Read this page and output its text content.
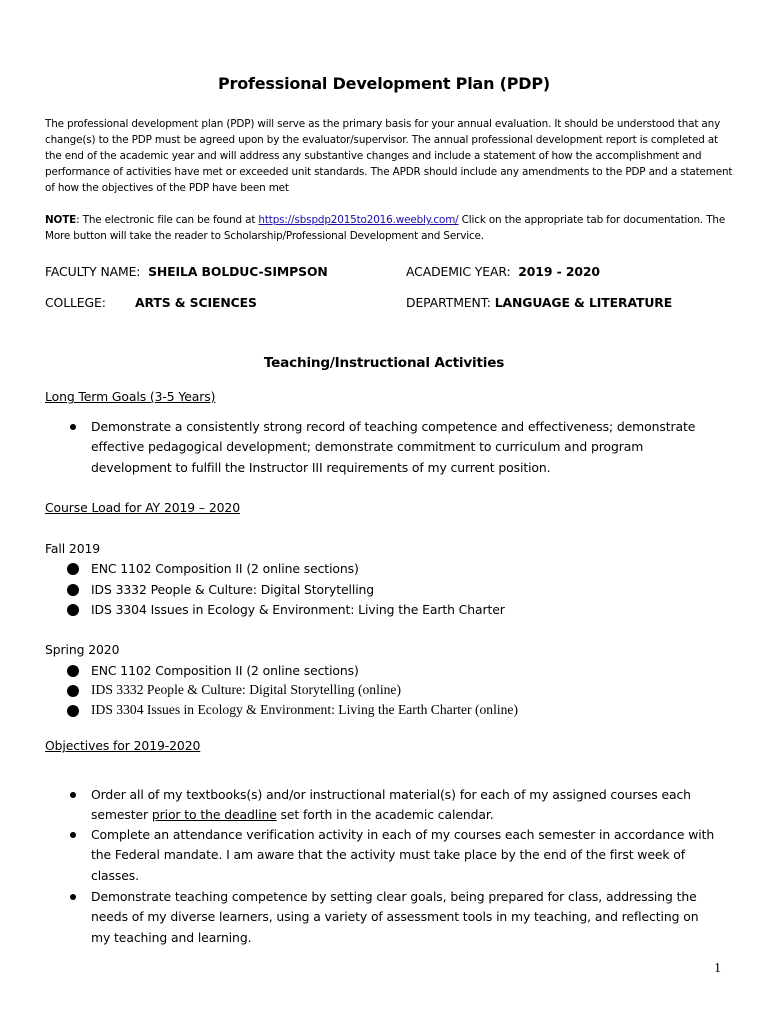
Professional Development Plan (PDP)
The professional development plan (PDP) will serve as the primary basis for your annual evaluation. It should be understood that any change(s) to the PDP must be agreed upon by the evaluator/supervisor. The annual professional development report is completed at the end of the academic year and will address any substantive changes and include a statement of how the accomplishment and performance of activities have met or exceeded unit standards. The APDR should include any amendments to the PDP and a statement of how the objectives of the PDP have been met
NOTE: The electronic file can be found at https://sbspdp2015to2016.weebly.com/ Click on the appropriate tab for documentation. The More button will take the reader to Scholarship/Professional Development and Service.
FACULTY NAME: SHEILA BOLDUC-SIMPSON	ACADEMIC YEAR: 2019 - 2020
COLLEGE: ARTS & SCIENCES	DEPARTMENT: LANGUAGE & LITERATURE
Teaching/Instructional Activities
Long Term Goals (3-5 Years)
Demonstrate a consistently strong record of teaching competence and effectiveness; demonstrate effective pedagogical development; demonstrate commitment to curriculum and program development to fulfill the Instructor III requirements of my current position.
Course Load for AY 2019 – 2020
Fall 2019
ENC 1102 Composition II (2 online sections)
IDS 3332 People & Culture: Digital Storytelling
IDS 3304 Issues in Ecology & Environment: Living the Earth Charter
Spring 2020
ENC 1102 Composition II (2 online sections)
IDS 3332 People & Culture: Digital Storytelling (online)
IDS 3304 Issues in Ecology & Environment: Living the Earth Charter (online)
Objectives for 2019-2020
Order all of my textbooks(s) and/or instructional material(s) for each of my assigned courses each semester prior to the deadline set forth in the academic calendar.
Complete an attendance verification activity in each of my courses each semester in accordance with the Federal mandate. I am aware that the activity must take place by the end of the first week of classes.
Demonstrate teaching competence by setting clear goals, being prepared for class, addressing the needs of my diverse learners, using a variety of assessment tools in my teaching, and reflecting on my teaching and learning.
1
